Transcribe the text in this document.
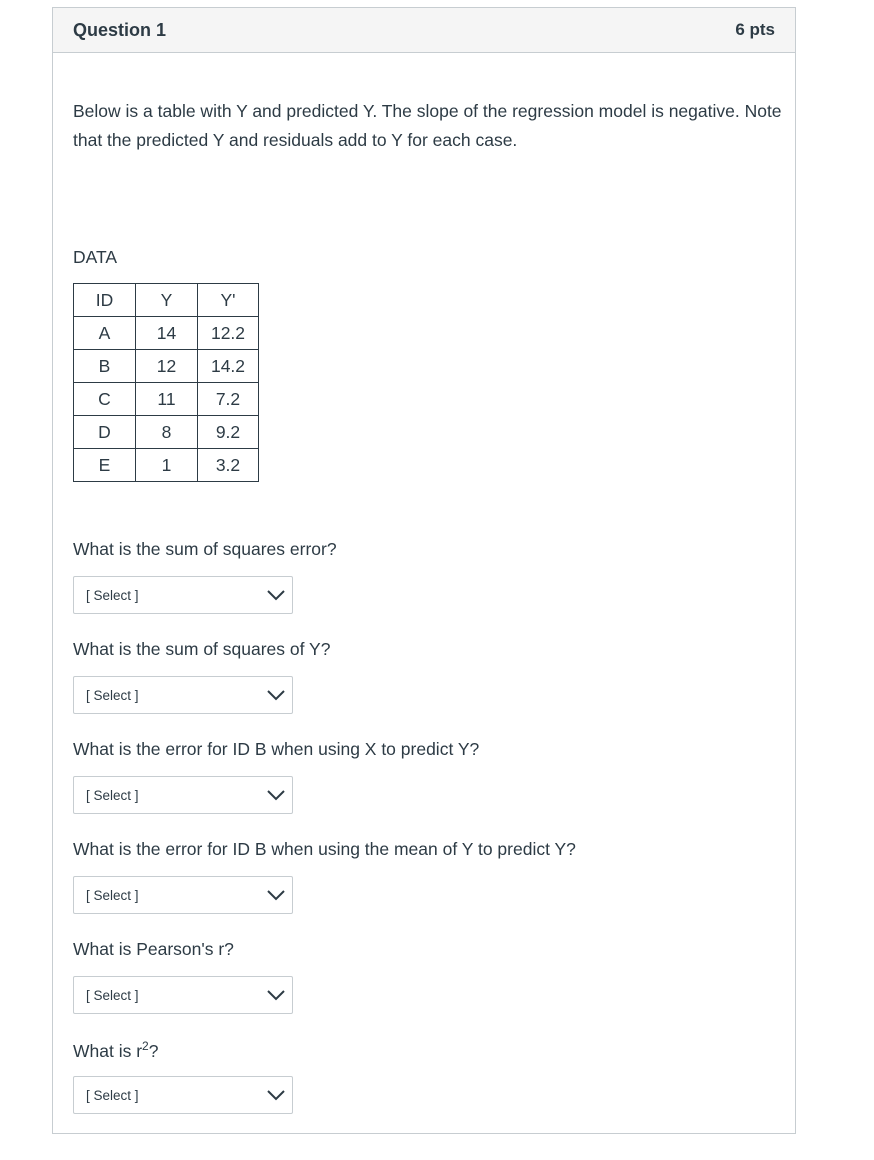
Question 1	6 pts
Below is a table with Y and predicted Y. The slope of the regression model is negative. Note that the predicted Y and residuals add to Y for each case.
DATA
ID	Y	Y'
A	14	12.2
B	12	14.2
C	11	7.2
D	8	9.2
E	1	3.2
What is the sum of squares error?
[ Select ]
What is the sum of squares of Y?
[ Select ]
What is the error for ID B when using X to predict Y?
[ Select ]
What is the error for ID B when using the mean of Y to predict Y?
[ Select ]
What is Pearson's r?
[ Select ]
What is $r^2$?
[ Select ]
